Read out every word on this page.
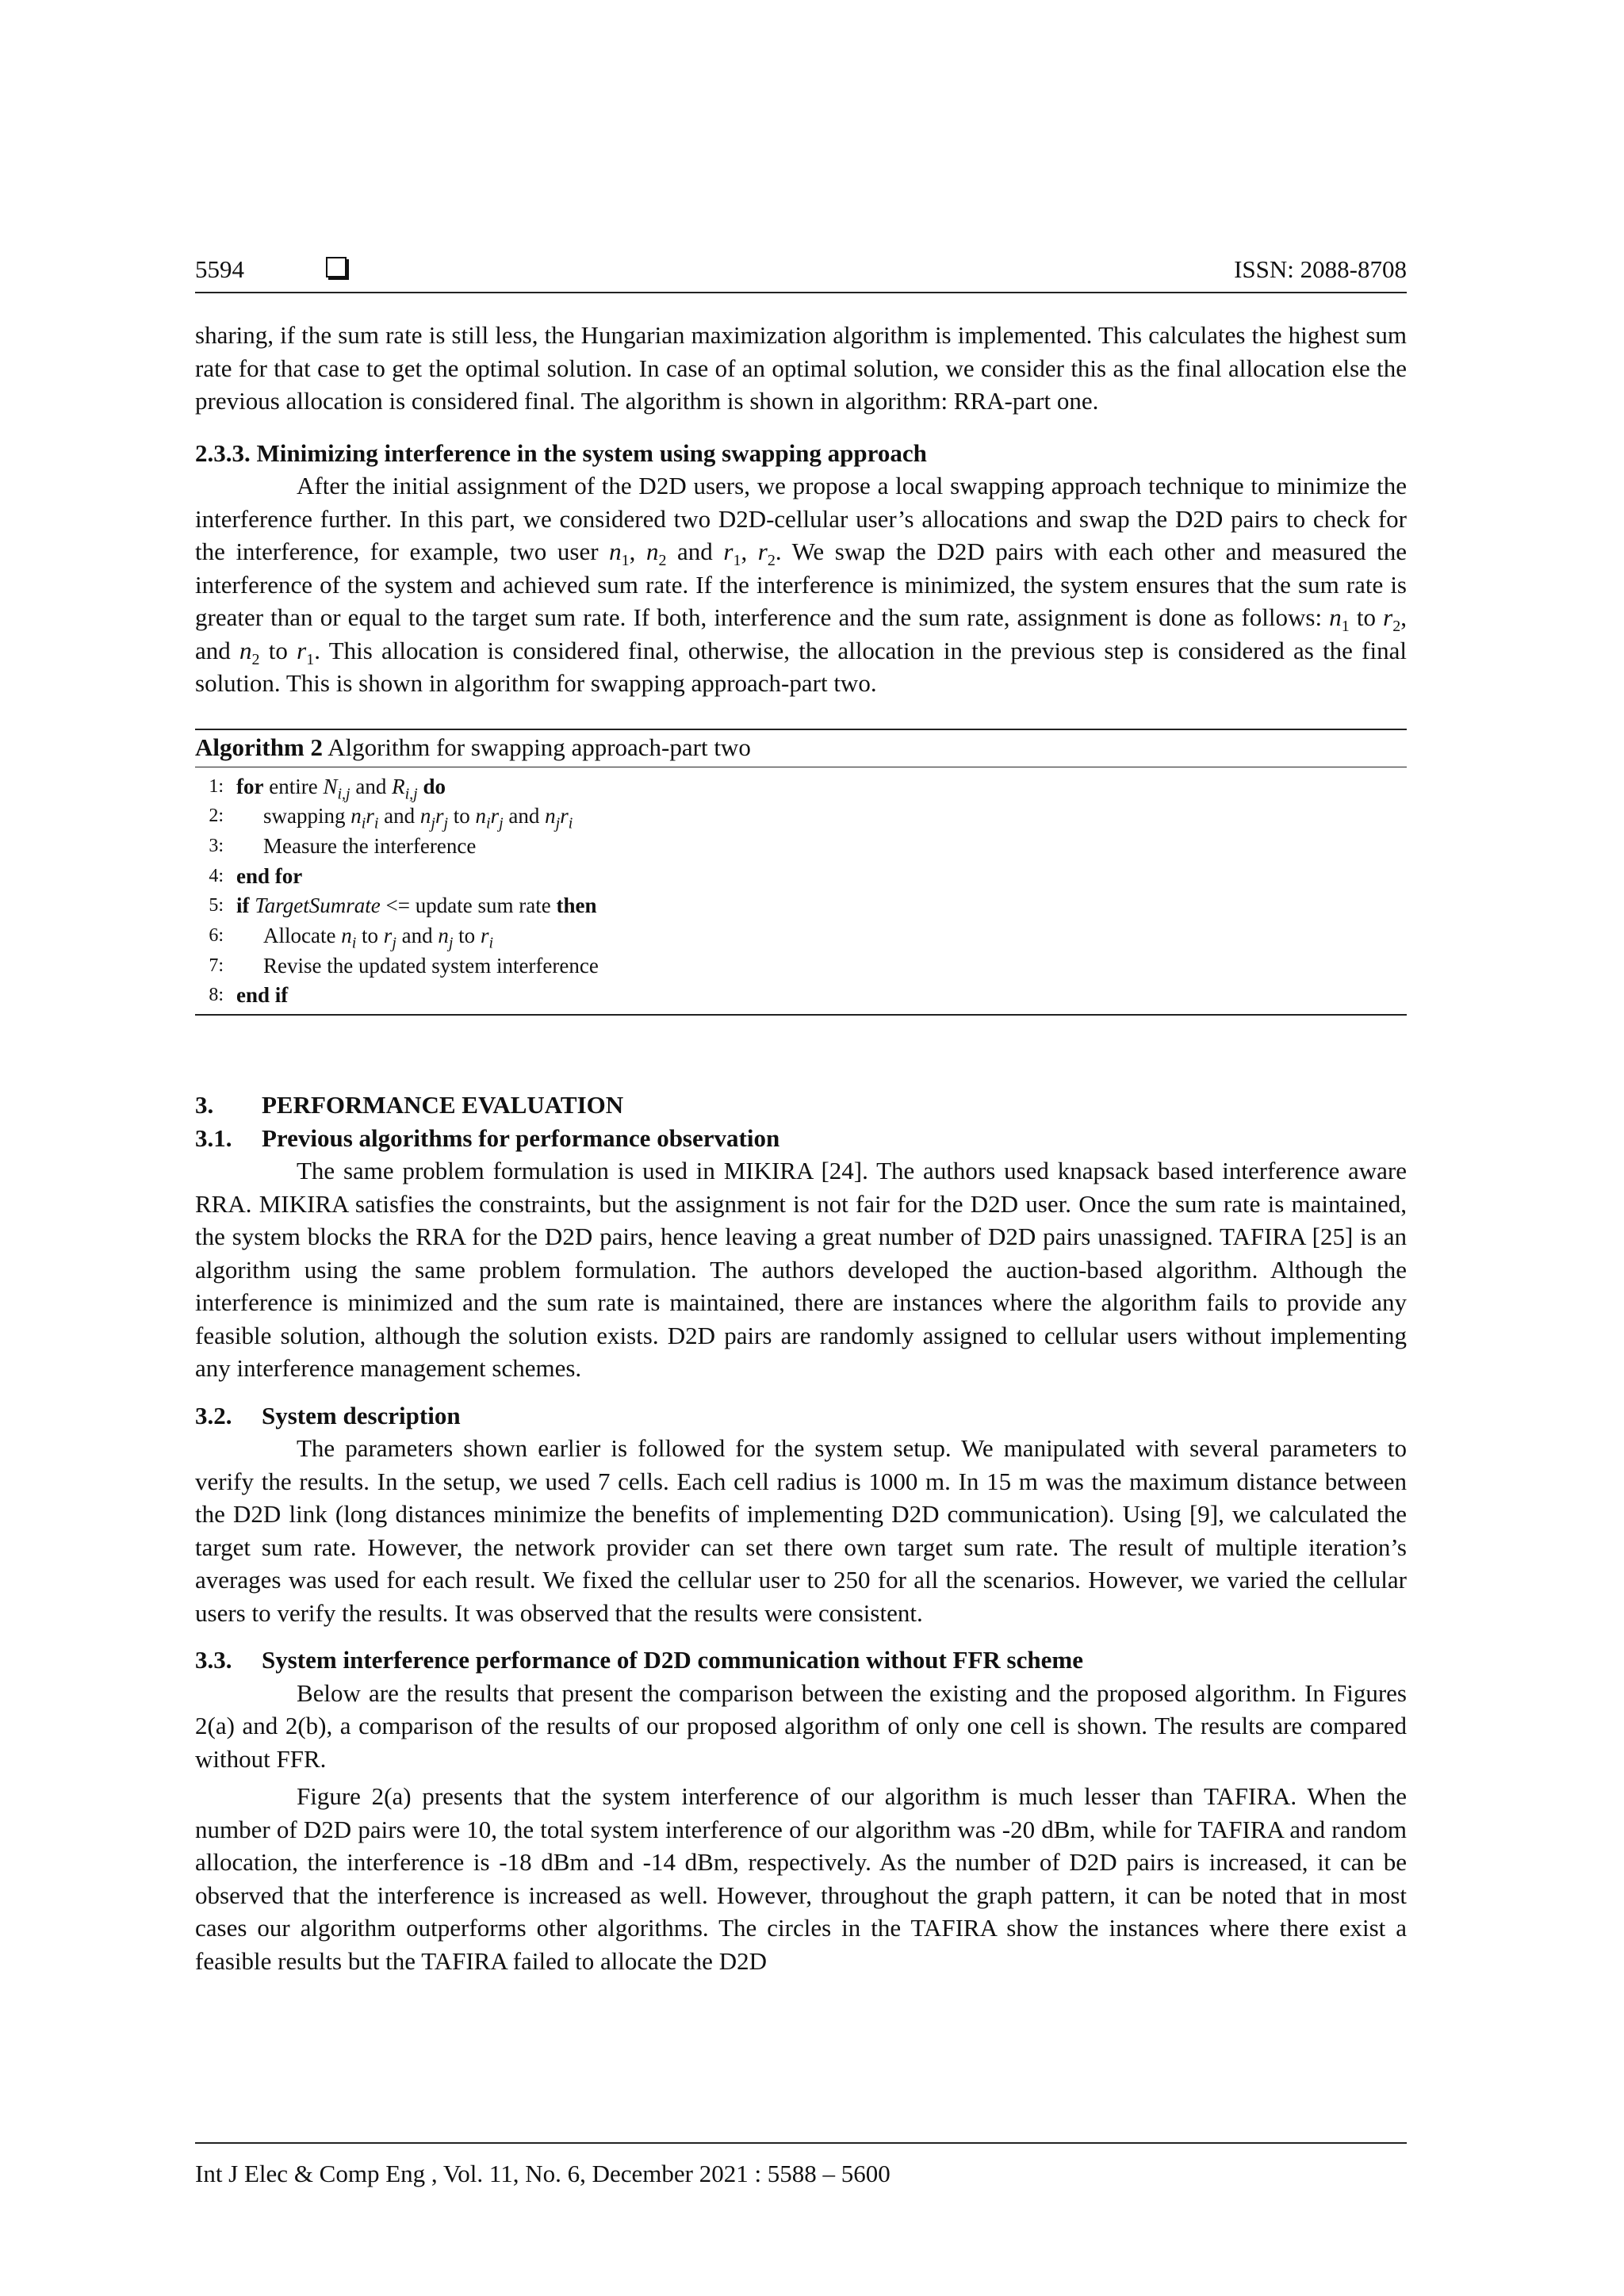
5594	ISSN: 2088-8708

sharing, if the sum rate is still less, the Hungarian maximization algorithm is implemented. This calculates the highest sum rate for that case to get the optimal solution. In case of an optimal solution, we consider this as the final allocation else the previous allocation is considered final. The algorithm is shown in algorithm: RRA-part one.

2.3.3. Minimizing interference in the system using swapping approach

After the initial assignment of the D2D users, we propose a local swapping approach technique to minimize the interference further. In this part, we considered two D2D-cellular user’s allocations and swap the D2D pairs to check for the interference, for example, two user $n_1$, $n_2$ and $r_1$, $r_2$. We swap the D2D pairs with each other and measured the interference of the system and achieved sum rate. If the interference is minimized, the system ensures that the sum rate is greater than or equal to the target sum rate. If both, interference and the sum rate, assignment is done as follows: $n_1$ to $r_2$, and $n_2$ to $r_1$. This allocation is considered final, otherwise, the allocation in the previous step is considered as the final solution. This is shown in algorithm for swapping approach-part two.

Algorithm 2 Algorithm for swapping approach-part two
1: for entire $N_{i,j}$ and $R_{i,j}$ do
2: swapping $n_ir_i$ and $n_jr_j$ to $n_ir_j$ and $n_jr_i$
3: Measure the interference
4: end for
5: if TargetSumrate <= update sum rate then
6: Allocate $n_i$ to $r_j$ and $n_j$ to $r_i$
7: Revise the updated system interference
8: end if
3. PERFORMANCE EVALUATION
3.1. Previous algorithms for performance observation

The same problem formulation is used in MIKIRA [24]. The authors used knapsack based interference aware RRA. MIKIRA satisfies the constraints, but the assignment is not fair for the D2D user. Once the sum rate is maintained, the system blocks the RRA for the D2D pairs, hence leaving a great number of D2D pairs unassigned. TAFIRA [25] is an algorithm using the same problem formulation. The authors developed the auction-based algorithm. Although the interference is minimized and the sum rate is maintained, there are instances where the algorithm fails to provide any feasible solution, although the solution exists. D2D pairs are randomly assigned to cellular users without implementing any interference management schemes.

3.2. System description

The parameters shown earlier is followed for the system setup. We manipulated with several parameters to verify the results. In the setup, we used 7 cells. Each cell radius is 1000 m. In 15 m was the maximum distance between the D2D link (long distances minimize the benefits of implementing D2D communication). Using [9], we calculated the target sum rate. However, the network provider can set there own target sum rate. The result of multiple iteration’s averages was used for each result. We fixed the cellular user to 250 for all the scenarios. However, we varied the cellular users to verify the results. It was observed that the results were consistent.

3.3. System interference performance of D2D communication without FFR scheme

Below are the results that present the comparison between the existing and the proposed algorithm. In Figures 2(a) and 2(b), a comparison of the results of our proposed algorithm of only one cell is shown. The results are compared without FFR.

Figure 2(a) presents that the system interference of our algorithm is much lesser than TAFIRA. When the number of D2D pairs were 10, the total system interference of our algorithm was -20 dBm, while for TAFIRA and random allocation, the interference is -18 dBm and -14 dBm, respectively. As the number of D2D pairs is increased, it can be observed that the interference is increased as well. However, throughout the graph pattern, it can be noted that in most cases our algorithm outperforms other algorithms. The circles in the TAFIRA show the instances where there exist a feasible results but the TAFIRA failed to allocate the D2D

Int J Elec & Comp Eng , Vol. 11, No. 6, December 2021 : 5588 – 5600
